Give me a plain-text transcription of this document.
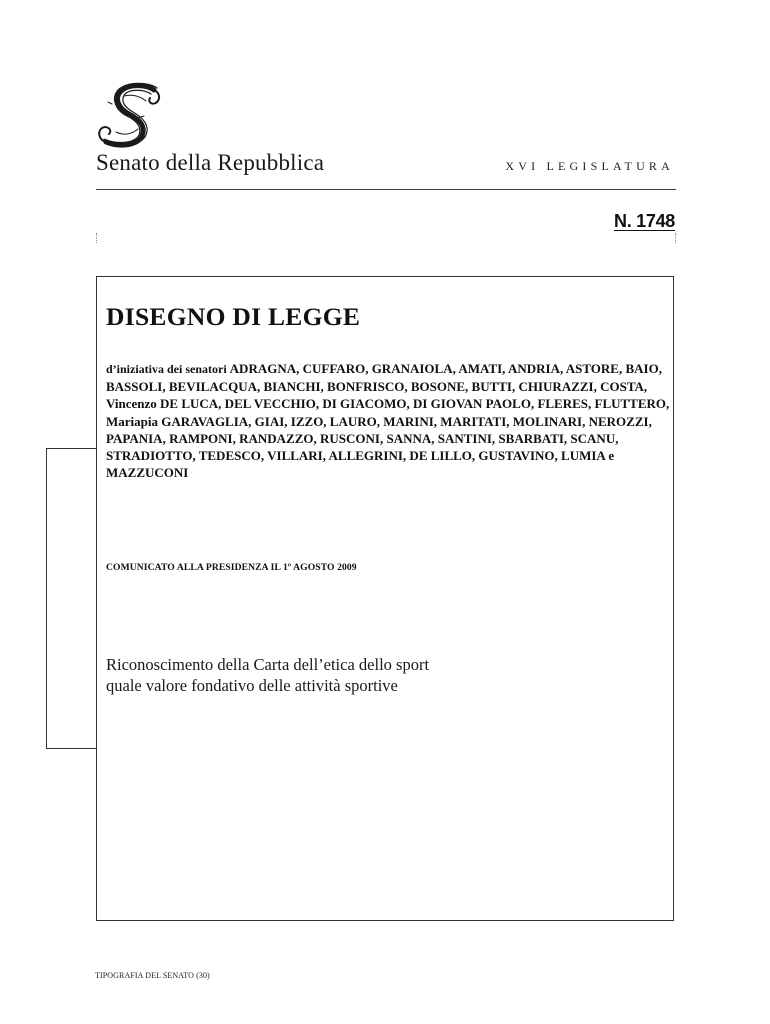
Senato della Repubblica	XVI LEGISLATURA
N. 1748
DISEGNO DI LEGGE
d’iniziativa dei senatori ADRAGNA, CUFFARO, GRANAIOLA, AMATI, ANDRIA, ASTORE, BAIO, BASSOLI, BEVILACQUA, BIANCHI, BONFRISCO, BOSONE, BUTTI, CHIURAZZI, COSTA, Vincenzo DE LUCA, DEL VECCHIO, DI GIACOMO, DI GIOVAN PAOLO, FLERES, FLUTTERO, Mariapia GARAVAGLIA, GIAI, IZZO, LAURO, MARINI, MARITATI, MOLINARI, NEROZZI, PAPANIA, RAMPONI, RANDAZZO, RUSCONI, SANNA, SANTINI, SBARBATI, SCANU, STRADIOTTO, TEDESCO, VILLARI, ALLEGRINI, DE LILLO, GUSTAVINO, LUMIA e MAZZUCONI
COMUNICATO ALLA PRESIDENZA IL 1º AGOSTO 2009
Riconoscimento della Carta dell’etica dello sport
quale valore fondativo delle attività sportive
TIPOGRAFIA DEL SENATO (30)
